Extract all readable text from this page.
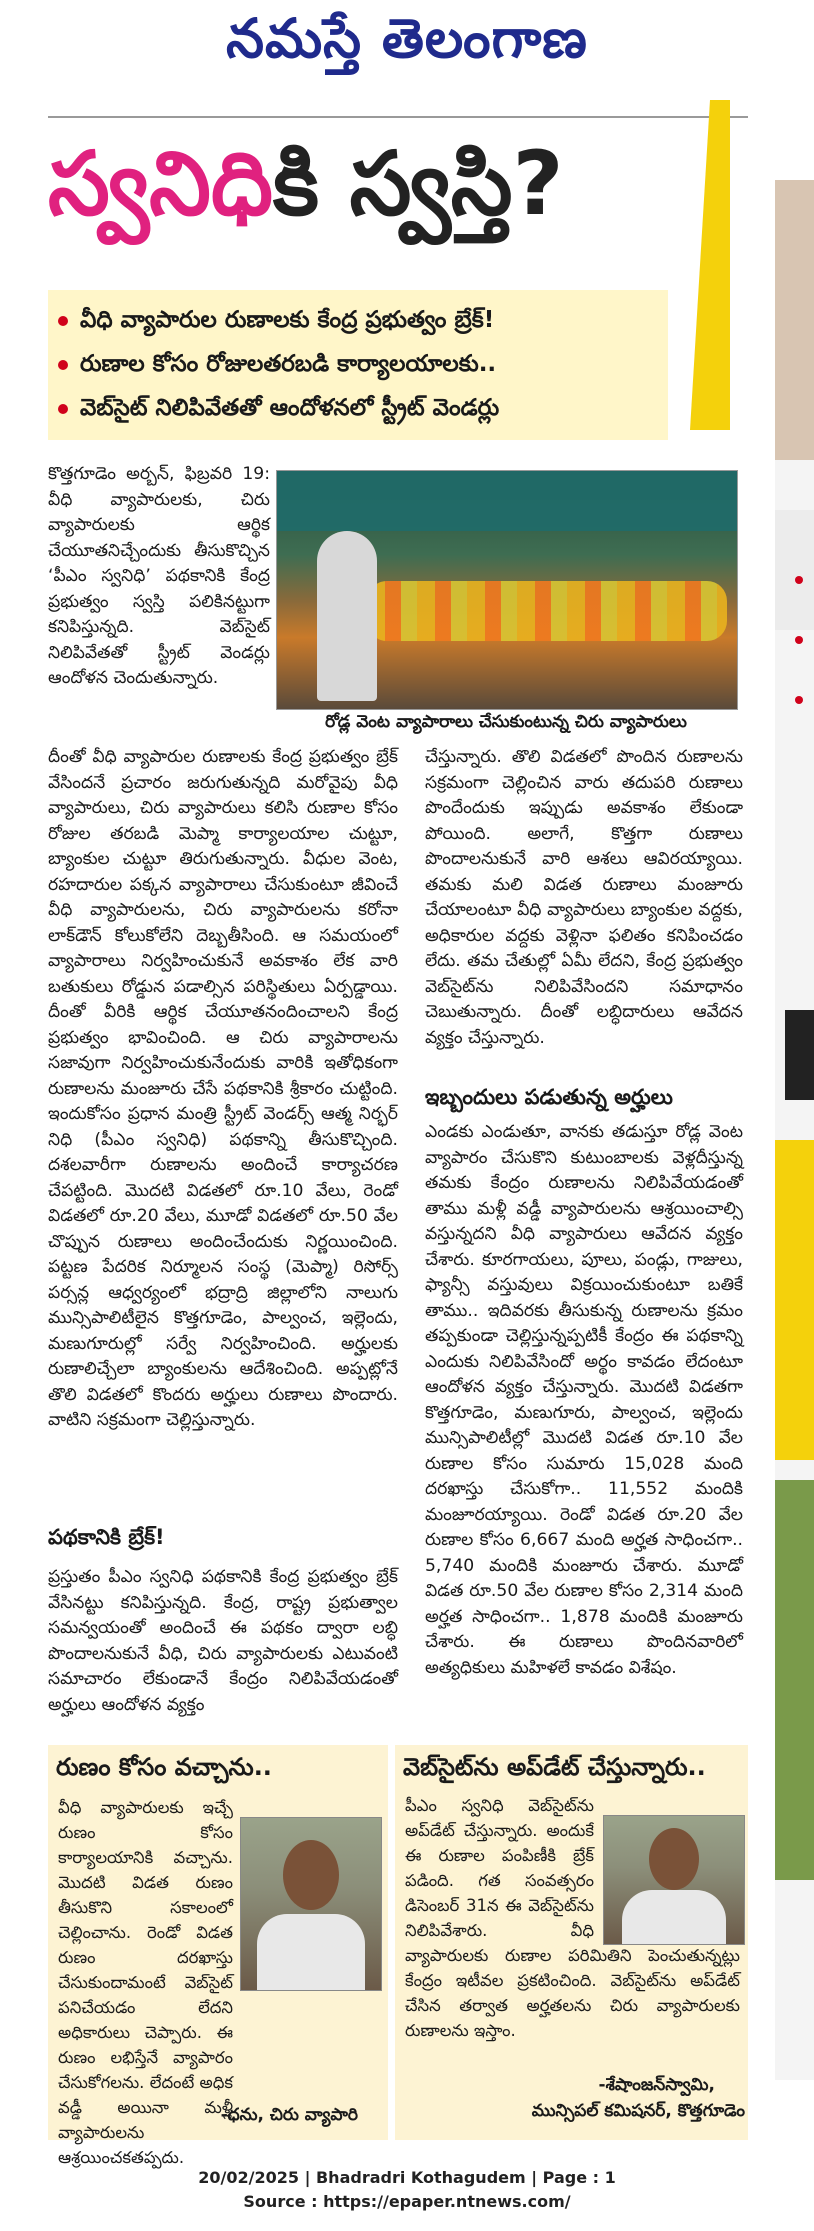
నమస్తే తెలంగాణ
స్వనిధికి స్వస్తి?
వీధి వ్యాపారుల రుణాలకు కేంద్ర ప్రభుత్వం బ్రేక్!
రుణాల కోసం రోజులతరబడి కార్యాలయాలకు..
వెబ్‌సైట్ నిలిపివేతతో ఆందోళనలో స్ట్రీట్ వెండర్లు
రోడ్ల వెంట వ్యాపారాలు చేసుకుంటున్న చిరు వ్యాపారులు

కొత్తగూడెం అర్బన్, ఫిబ్రవరి 19: వీధి వ్యాపారులకు, చిరు వ్యాపారులకు ఆర్థిక చేయూతనిచ్చేందుకు తీసుకొచ్చిన ‘పీఎం స్వనిధి’ పథకానికి కేంద్ర ప్రభుత్వం స్వస్తి పలికినట్టుగా కనిపిస్తున్నది. వెబ్‌సైట్ నిలిపివేతతో స్ట్రీట్ వెండర్లు ఆందోళన చెందుతున్నారు.

దీంతో వీధి వ్యాపారుల రుణాలకు కేంద్ర ప్రభుత్వం బ్రేక్ వేసిందనే ప్రచారం జరుగుతున్నది మరోవైపు వీధి వ్యాపారులు, చిరు వ్యాపారులు కలిసి రుణాల కోసం రోజుల తరబడి మెప్మా కార్యాలయాల చుట్టూ, బ్యాంకుల చుట్టూ తిరుగుతున్నారు. వీధుల వెంట, రహదారుల పక్కన వ్యాపారాలు చేసుకుంటూ జీవించే వీధి వ్యాపారులను, చిరు వ్యాపారులను కరోనా లాక్‌డౌన్ కోలుకోలేని దెబ్బతీసింది. ఆ సమయంలో వ్యాపారాలు నిర్వహించుకునే అవకాశం లేక వారి బతుకులు రోడ్డున పడాల్సిన పరిస్థితులు ఏర్పడ్డాయి. దీంతో వీరికి ఆర్థిక చేయూతనందించాలని కేంద్ర ప్రభుత్వం భావించింది. ఆ చిరు వ్యాపారాలను సజావుగా నిర్వహించుకునేందుకు వారికి ఇతోధికంగా రుణాలను మంజూరు చేసే పథకానికి శ్రీకారం చుట్టింది. ఇందుకోసం ప్రధాన మంత్రి స్ట్రీట్ వెండర్స్ ఆత్మ నిర్భర్ నిధి (పీఎం స్వనిధి) పథకాన్ని తీసుకొచ్చింది. దశలవారీగా రుణాలను అందించే కార్యాచరణ చేపట్టింది. మొదటి విడతలో రూ.10 వేలు, రెండో విడతలో రూ.20 వేలు, మూడో విడతలో రూ.50 వేల చొప్పున రుణాలు అందించేందుకు నిర్ణయించింది. పట్టణ పేదరిక నిర్మూలన సంస్థ (మెప్మా) రిసోర్స్ పర్సన్ల ఆధ్వర్యంలో భద్రాద్రి జిల్లాలోని నాలుగు మున్సిపాలిటీలైన కొత్తగూడెం, పాల్వంచ, ఇల్లెందు, మణుగూరుల్లో సర్వే నిర్వహించింది. అర్హులకు రుణాలిచ్చేలా బ్యాంకులను ఆదేశించింది. అప్పట్లోనే తొలి విడతలో కొందరు అర్హులు రుణాలు పొందారు. వాటిని సక్రమంగా చెల్లిస్తున్నారు.

చేస్తున్నారు. తొలి విడతలో పొందిన రుణాలను సక్రమంగా చెల్లించిన వారు తదుపరి రుణాలు పొందేందుకు ఇప్పుడు అవకాశం లేకుండా పోయింది. అలాగే, కొత్తగా రుణాలు పొందాలనుకునే వారి ఆశలు ఆవిరయ్యాయి. తమకు మలి విడత రుణాలు మంజూరు చేయాలంటూ వీధి వ్యాపారులు బ్యాంకుల వద్దకు, అధికారుల వద్దకు వెళ్లినా ఫలితం కనిపించడం లేదు. తమ చేతుల్లో ఏమీ లేదని, కేంద్ర ప్రభుత్వం వెబ్‌సైట్‌ను నిలిపివేసిందని సమాధానం చెబుతున్నారు. దీంతో లబ్ధిదారులు ఆవేదన వ్యక్తం చేస్తున్నారు.

ఇబ్బందులు పడుతున్న అర్హులు

ఎండకు ఎండుతూ, వానకు తడుస్తూ రోడ్ల వెంట వ్యాపారం చేసుకొని కుటుంబాలకు వెళ్లదీస్తున్న తమకు కేంద్రం రుణాలను నిలిపివేయడంతో తాము మళ్లీ వడ్డీ వ్యాపారులను ఆశ్రయించాల్సి వస్తున్నదని వీధి వ్యాపారులు ఆవేదన వ్యక్తం చేశారు. కూరగాయలు, పూలు, పండ్లు, గాజులు, ఫ్యాన్సీ వస్తువులు విక్రయించుకుంటూ బతికే తాము.. ఇదివరకు తీసుకున్న రుణాలను క్రమం తప్పకుండా చెల్లిస్తున్నప్పటికీ కేంద్రం ఈ పథకాన్ని ఎందుకు నిలిపివేసిందో అర్థం కావడం లేదంటూ ఆందోళన వ్యక్తం చేస్తున్నారు. మొదటి విడతగా కొత్తగూడెం, మణుగూరు, పాల్వంచ, ఇల్లెందు మున్సిపాలిటీల్లో మొదటి విడత రూ.10 వేల రుణాల కోసం సుమారు 15,028 మంది దరఖాస్తు చేసుకోగా.. 11,552 మందికి మంజూరయ్యాయి. రెండో విడత రూ.20 వేల రుణాల కోసం 6,667 మంది అర్హత సాధించగా.. 5,740 మందికి మంజూరు చేశారు. మూడో విడత రూ.50 వేల రుణాల కోసం 2,314 మంది అర్హత సాధించగా.. 1,878 మందికి మంజూరు చేశారు. ఈ రుణాలు పొందినవారిలో అత్యధికులు మహిళలే కావడం విశేషం.

పథకానికి బ్రేక్!

ప్రస్తుతం పీఎం స్వనిధి పథకానికి కేంద్ర ప్రభుత్వం బ్రేక్ వేసినట్టు కనిపిస్తున్నది. కేంద్ర, రాష్ట్ర ప్రభుత్వాల సమన్వయంతో అందించే ఈ పథకం ద్వారా లబ్ధి పొందాలనుకునే వీధి, చిరు వ్యాపారులకు ఎటువంటి సమాచారం లేకుండానే కేంద్రం నిలిపివేయడంతో అర్హులు ఆందోళన వ్యక్తం

రుణం కోసం వచ్చాను..
వీధి వ్యాపారులకు ఇచ్చే రుణం కోసం కార్యాలయానికి వచ్చాను. మొదటి విడత రుణం తీసుకొని సకాలంలో చెల్లించాను. రెండో విడత రుణం దరఖాస్తు చేసుకుందామంటే వెబ్‌సైట్ పనిచేయడం లేదని అధికారులు చెప్పారు. ఈ రుణం లభిస్తేనే వ్యాపారం చేసుకోగలను. లేదంటే అధిక వడ్డీ అయినా మళ్లీ వ్యాపారులను ఆశ్రయించకతప్పదు.
-ధను, చిరు వ్యాపారి
వెబ్‌సైట్‌ను అప్‌డేట్ చేస్తున్నారు..
పీఎం స్వనిధి వెబ్‌సైట్‌ను అప్‌డేట్ చేస్తున్నారు. అందుకే ఈ రుణాల పంపిణీకి బ్రేక్ పడింది. గత సంవత్సరం డిసెంబర్ 31న ఈ వెబ్‌సైట్‌ను నిలిపివేశారు. వీధి వ్యాపారులకు రుణాల పరిమితిని పెంచుతున్నట్లు కేంద్రం ఇటీవల ప్రకటించింది. వెబ్‌సైట్‌ను అప్‌డేట్ చేసిన తర్వాత అర్హతలను చిరు వ్యాపారులకు రుణాలను ఇస్తాం.
-శేషాంజన్‌స్వామి,
మున్సిపల్ కమిషనర్, కొత్తగూడెం
20/02/2025 | Bhadradri Kothagudem | Page : 1
Source : https://epaper.ntnews.com/
